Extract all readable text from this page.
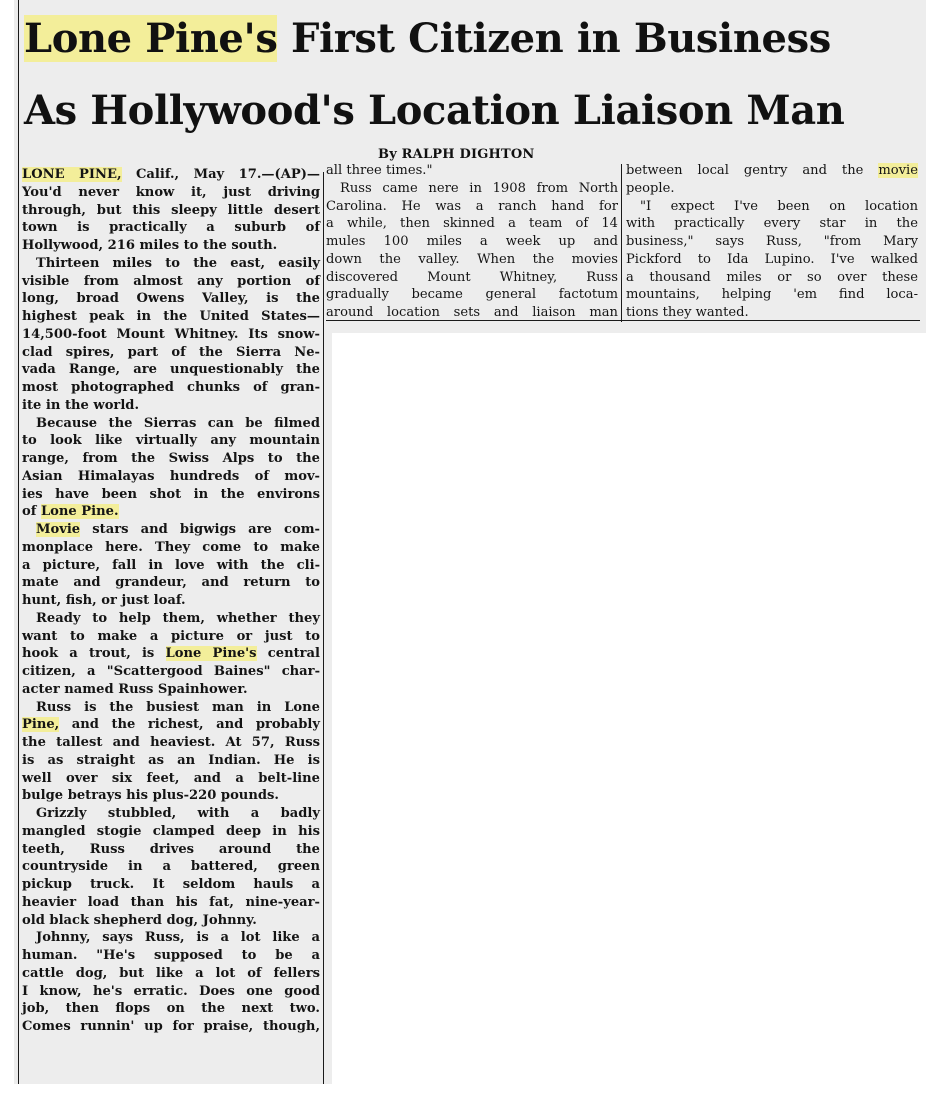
Lone Pine's First Citizen in Business
As Hollywood's Location Liaison Man

By RALPH DIGHTON

LONE PINE, Calif., May 17.—(ΑP)—
You'd never know it, just driving
through, but this sleepy little desert
town is practically a suburb of
Hollywood, 216 miles to the south.
Thirteen miles to the east, easily
visible from almost any portion of
long, broad Owens Valley, is the
highest peak in the United States—
14,500-foot Mount Whitney. Its snow-
clad spires, part of the Sierra Ne-
vada Range, are unquestionably the
most photographed chunks of gran-
ite in the world.
Because the Sierras can be filmed
to look like virtually any mountain
range, from the Swiss Alps to the
Asian Himalayas hundreds of mov-
ies have been shot in the environs
of Lone Pine.
Movie stars and bigwigs are com-
monplace here. They come to make
a picture, fall in love with the cli-
mate and grandeur, and return to
hunt, fish, or just loaf.
Ready to help them, whether they
want to make a picture or just to
hook a trout, is Lone Pine's central
citizen, a "Scattergood Baines" char-
acter named Russ Spainhower.
Russ is the busiest man in Lone
Pine, and the richest, and probably
the tallest and heaviest. At 57, Russ
is as straight as an Indian. He is
well over six feet, and a belt-line
bulge betrays his plus-220 pounds.
Grizzly stubbled, with a badly
mangled stogie clamped deep in his
teeth, Russ drives around the
countryside in a battered, green
pickup truck. It seldom hauls a
heavier load than his fat, nine-year-
old black shepherd dog, Johnny.
Johnny, says Russ, is a lot like a
human. "He's supposed to be a
cattle dog, but like a lot of fellers
I know, he's erratic. Does one good
job, then flops on the next two.
Comes runnin' up for praise, though,
all three times."
Russ came nere in 1908 from North
Carolina. He was a ranch hand for
a while, then skinned a team of 14
mules 100 miles a week up and
down the valley. When the movies
discovered Mount Whitney, Russ
gradually became general factotum
around location sets and liaison man
between local gentry and the movie
people.
"I expect I've been on location
with practically every star in the
business," says Russ, "from Mary
Pickford to Ida Lupino. I've walked
a thousand miles or so over these
mountains, helping 'em find loca-
tions they wanted.
